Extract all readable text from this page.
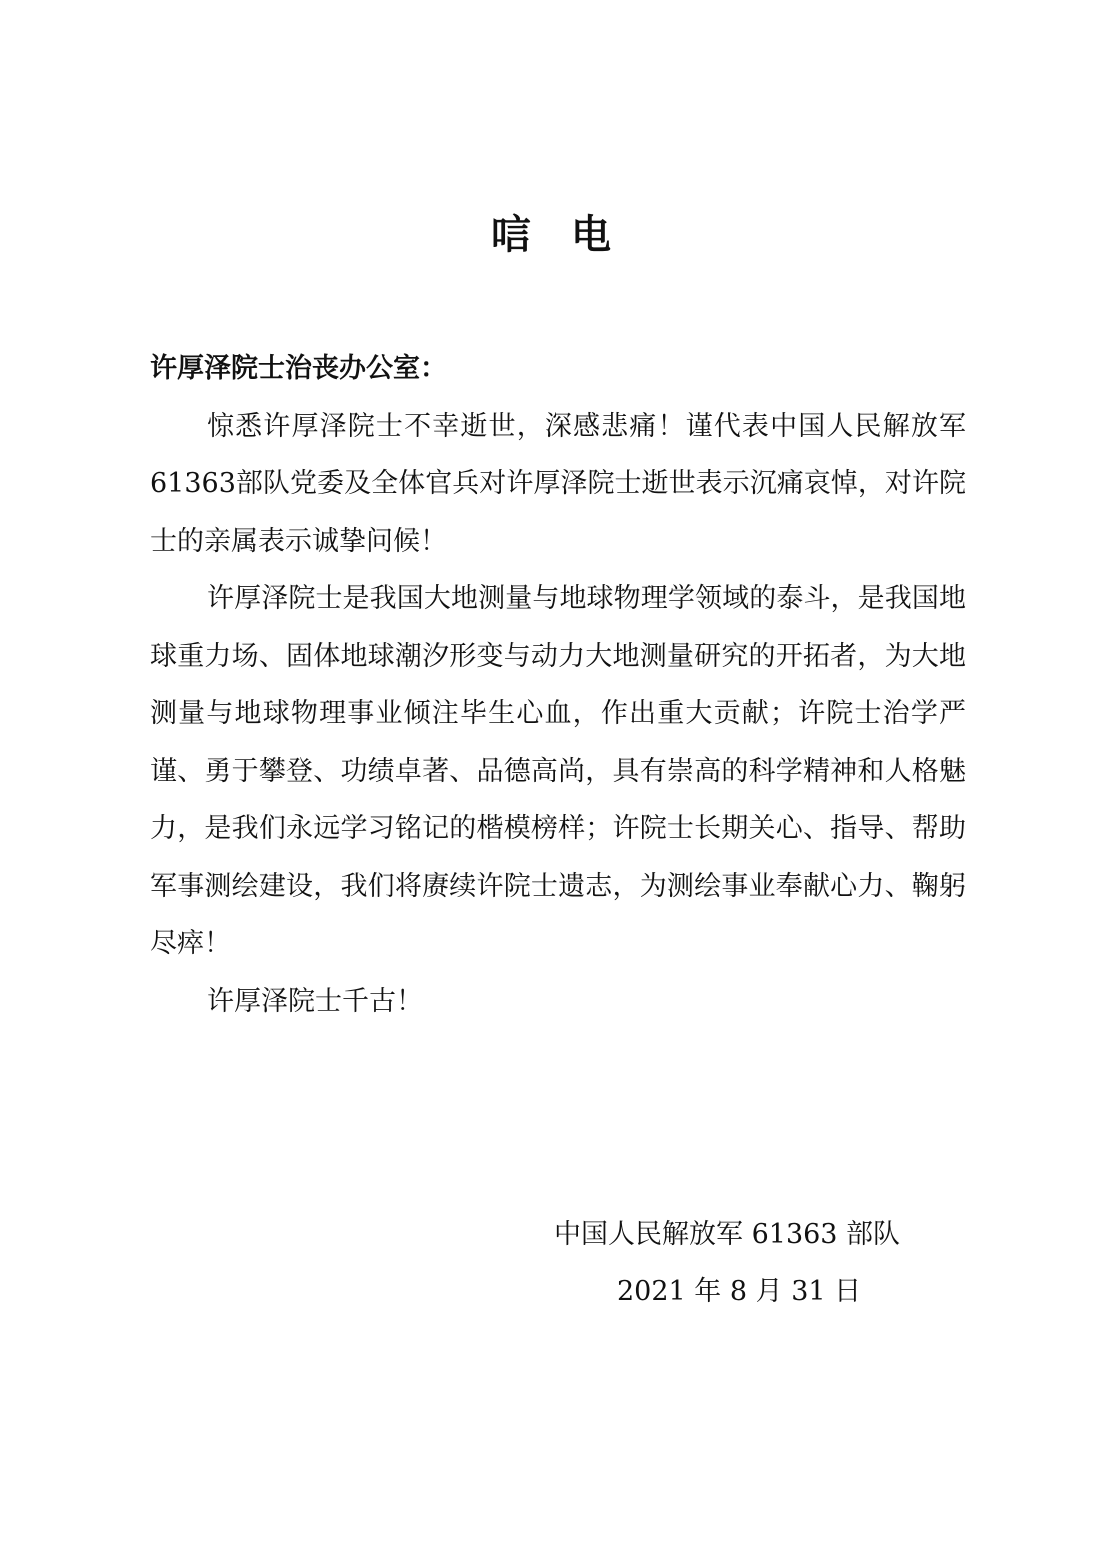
唁电

许厚泽院士治丧办公室：

惊悉许厚泽院士不幸逝世，深感悲痛！谨代表中国人民解放军61363部队党委及全体官兵对许厚泽院士逝世表示沉痛哀悼，对许院士的亲属表示诚挚问候！

许厚泽院士是我国大地测量与地球物理学领域的泰斗，是我国地球重力场、固体地球潮汐形变与动力大地测量研究的开拓者，为大地测量与地球物理事业倾注毕生心血，作出重大贡献；许院士治学严谨、勇于攀登、功绩卓著、品德高尚，具有崇高的科学精神和人格魅力，是我们永远学习铭记的楷模榜样；许院士长期关心、指导、帮助军事测绘建设，我们将赓续许院士遗志，为测绘事业奉献心力、鞠躬尽瘁！

许厚泽院士千古！

中国人民解放军 61363 部队
2021 年 8 月 31 日
